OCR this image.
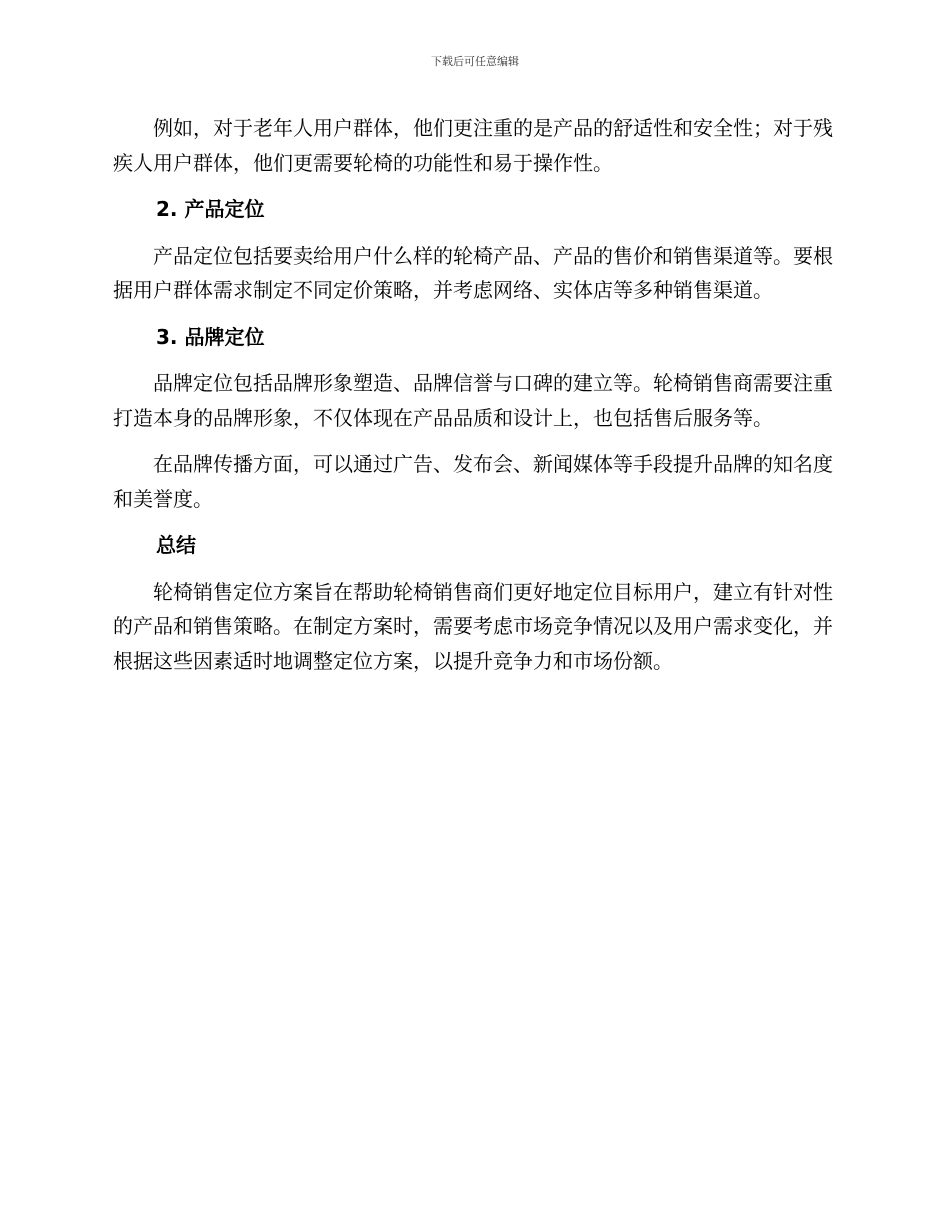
下载后可任意编辑

例如，对于老年人用户群体，他们更注重的是产品的舒适性和安全性；对于残疾人用户群体，他们更需要轮椅的功能性和易于操作性。

2. 产品定位

产品定位包括要卖给用户什么样的轮椅产品、产品的售价和销售渠道等。要根据用户群体需求制定不同定价策略，并考虑网络、实体店等多种销售渠道。

3. 品牌定位

品牌定位包括品牌形象塑造、品牌信誉与口碑的建立等。轮椅销售商需要注重打造本身的品牌形象，不仅体现在产品品质和设计上，也包括售后服务等。

在品牌传播方面，可以通过广告、发布会、新闻媒体等手段提升品牌的知名度和美誉度。

总结

轮椅销售定位方案旨在帮助轮椅销售商们更好地定位目标用户，建立有针对性的产品和销售策略。在制定方案时，需要考虑市场竞争情况以及用户需求变化，并根据这些因素适时地调整定位方案，以提升竞争力和市场份额。
